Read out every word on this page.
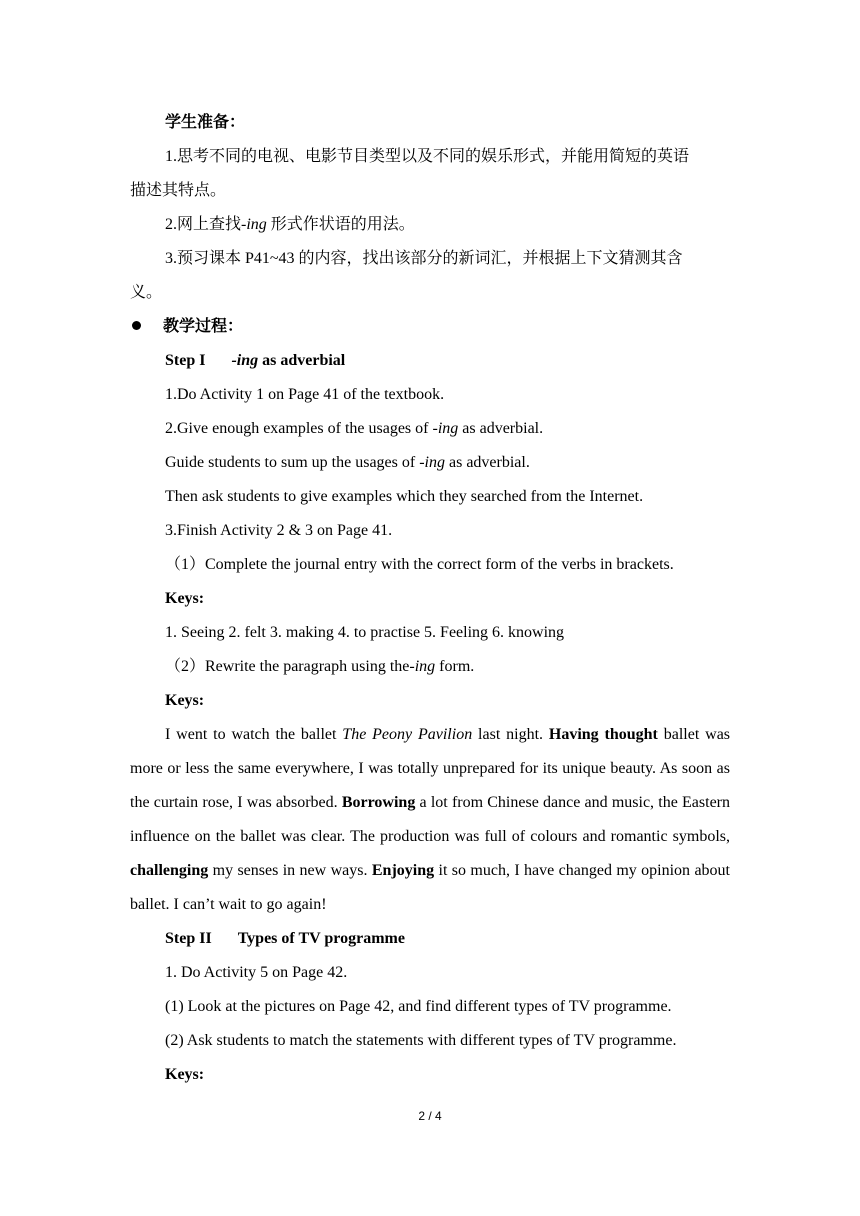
学生准备：
1.思考不同的电视、电影节目类型以及不同的娱乐形式，并能用简短的英语
描述其特点。
2.网上查找-ing 形式作状语的用法。
3.预习课本 P41~43 的内容，找出该部分的新词汇，并根据上下文猜测其含
义。
教学过程：
Step I -ing as adverbial
1.Do Activity 1 on Page 41 of the textbook.
2.Give enough examples of the usages of -ing as adverbial.
Guide students to sum up the usages of -ing as adverbial.
Then ask students to give examples which they searched from the Internet.
3.Finish Activity 2 & 3 on Page 41.
（1）Complete the journal entry with the correct form of the verbs in brackets.
Keys:
1. Seeing 2. felt 3. making 4. to practise 5. Feeling 6. knowing
（2）Rewrite the paragraph using the-ing form.
Keys:
I went to watch the ballet The Peony Pavilion last night. Having thought ballet was more or less the same everywhere, I was totally unprepared for its unique beauty. As soon as the curtain rose, I was absorbed. Borrowing a lot from Chinese dance and music, the Eastern influence on the ballet was clear. The production was full of colours and romantic symbols, challenging my senses in new ways. Enjoying it so much, I have changed my opinion about ballet. I can’t wait to go again!
Step II Types of TV programme
1. Do Activity 5 on Page 42.
(1) Look at the pictures on Page 42, and find different types of TV programme.
(2) Ask students to match the statements with different types of TV programme.
Keys:
2 / 4
